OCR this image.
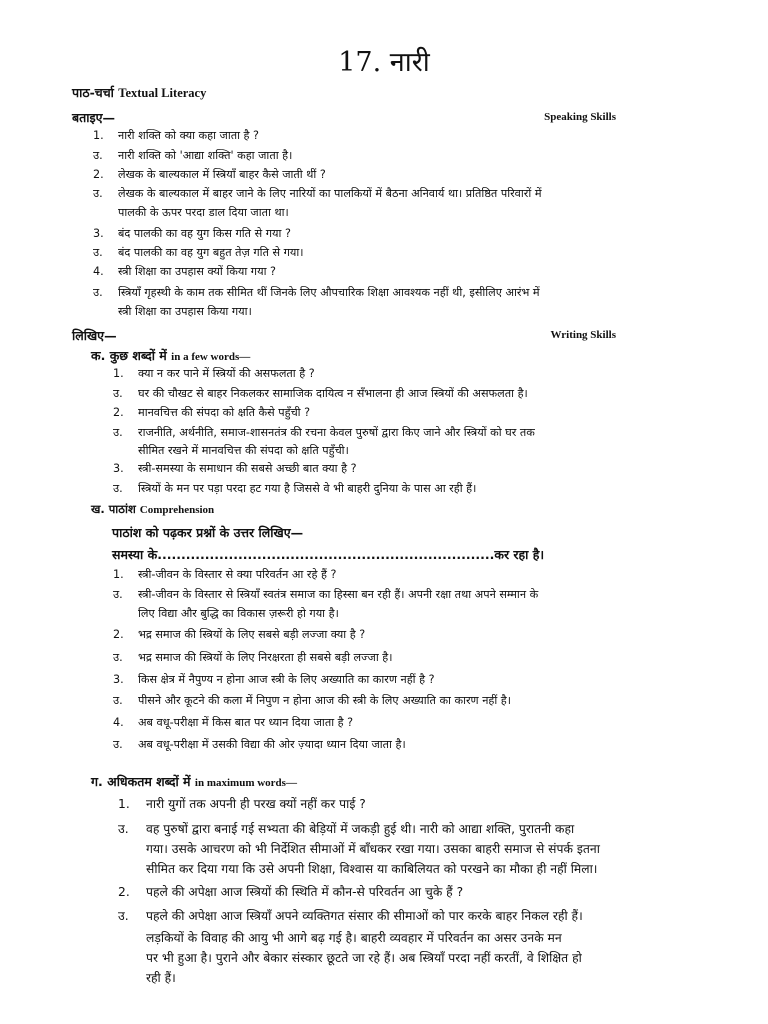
17. नारी
पाठ-चर्चा Textual Literacy
बताइए—	Speaking Skills
1.	नारी शक्ति को क्या कहा जाता है ?
उ.	नारी शक्ति को 'आद्या शक्ति' कहा जाता है।
2.	लेखक के बाल्यकाल में स्त्रियाँ बाहर कैसे जाती थीं ?
उ.	लेखक के बाल्यकाल में बाहर जाने के लिए नारियों का पालकियों में बैठना अनिवार्य था। प्रतिष्ठित परिवारों में
पालकी के ऊपर परदा डाल दिया जाता था।
3.	बंद पालकी का वह युग किस गति से गया ?
उ.	बंद पालकी का वह युग बहुत तेज़ गति से गया।
4.	स्त्री शिक्षा का उपहास क्यों किया गया ?
उ.	स्त्रियाँ गृहस्थी के काम तक सीमित थीं जिनके लिए औपचारिक शिक्षा आवश्यक नहीं थी, इसीलिए आरंभ में
स्त्री शिक्षा का उपहास किया गया।
लिखिए—	Writing Skills
क. कुछ शब्दों में in a few words—
1.	क्या न कर पाने में स्त्रियों की असफलता है ?
उ.	घर की चौखट से बाहर निकलकर सामाजिक दायित्व न सँभालना ही आज स्त्रियों की असफलता है।
2.	मानवचित्त की संपदा को क्षति कैसे पहुँची ?
उ.	राजनीति, अर्थनीति, समाज-शासनतंत्र की रचना केवल पुरुषों द्वारा किए जाने और स्त्रियों को घर तक
सीमित रखने में मानवचित्त की संपदा को क्षति पहुँची।
3.	स्त्री-समस्या के समाधान की सबसे अच्छी बात क्या है ?
उ.	स्त्रियों के मन पर पड़ा परदा हट गया है जिससे वे भी बाहरी दुनिया के पास आ रही हैं।
ख. पाठांश Comprehension
पाठांश को पढ़कर प्रश्नों के उत्तर लिखिए—
समस्या के.......................................................................कर रहा है।
1.	स्त्री-जीवन के विस्तार से क्या परिवर्तन आ रहे हैं ?
उ.	स्त्री-जीवन के विस्तार से स्त्रियाँ स्वतंत्र समाज का हिस्सा बन रही हैं। अपनी रक्षा तथा अपने सम्मान के
लिए विद्या और बुद्धि का विकास ज़रूरी हो गया है।
2.	भद्र समाज की स्त्रियों के लिए सबसे बड़ी लज्जा क्या है ?
उ.	भद्र समाज की स्त्रियों के लिए निरक्षरता ही सबसे बड़ी लज्जा है।
3.	किस क्षेत्र में नैपुण्य न होना आज स्त्री के लिए अख्याति का कारण नहीं है ?
उ.	पीसने और कूटने की कला में निपुण न होना आज की स्त्री के लिए अख्याति का कारण नहीं है।
4.	अब वधू-परीक्षा में किस बात पर ध्यान दिया जाता है ?
उ.	अब वधू-परीक्षा में उसकी विद्या की ओर ज़्यादा ध्यान दिया जाता है।
ग. अधिकतम शब्दों में in maximum words—
1.	नारी युगों तक अपनी ही परख क्यों नहीं कर पाई ?
उ.	वह पुरुषों द्वारा बनाई गई सभ्यता की बेड़ियों में जकड़ी हुई थी। नारी को आद्या शक्ति, पुरातनी कहा
गया। उसके आचरण को भी निर्देशित सीमाओं में बाँधकर रखा गया। उसका बाहरी समाज से संपर्क इतना
सीमित कर दिया गया कि उसे अपनी शिक्षा, विश्वास या काबिलियत को परखने का मौका ही नहीं मिला।
2.	पहले की अपेक्षा आज स्त्रियों की स्थिति में कौन-से परिवर्तन आ चुके हैं ?
उ.	पहले की अपेक्षा आज स्त्रियाँ अपने व्यक्तिगत संसार की सीमाओं को पार करके बाहर निकल रही हैं।
लड़कियों के विवाह की आयु भी आगे बढ़ गई है। बाहरी व्यवहार में परिवर्तन का असर उनके मन
पर भी हुआ है। पुराने और बेकार संस्कार छूटते जा रहे हैं। अब स्त्रियाँ परदा नहीं करतीं, वे शिक्षित हो
रही हैं।
